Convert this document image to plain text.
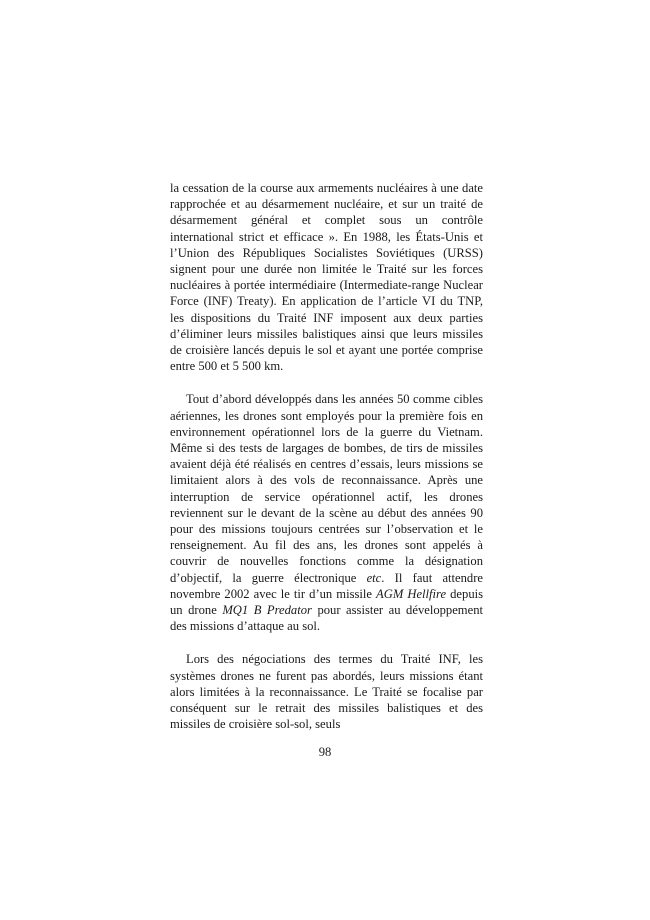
la cessation de la course aux armements nucléaires à une date rapprochée et au désarmement nucléaire, et sur un traité de désarmement général et complet sous un contrôle international strict et efficace ». En 1988, les États-Unis et l’Union des Républiques Socialistes Soviétiques (URSS) signent pour une durée non limitée le Traité sur les forces nucléaires à portée intermédiaire (Intermediate-range Nuclear Force (INF) Treaty). En application de l’article VI du TNP, les dispositions du Traité INF imposent aux deux parties d’éliminer leurs missiles balistiques ainsi que leurs missiles de croisière lancés depuis le sol et ayant une portée comprise entre 500 et 5 500 km.

Tout d’abord développés dans les années 50 comme cibles aériennes, les drones sont employés pour la première fois en environnement opérationnel lors de la guerre du Vietnam. Même si des tests de largages de bombes, de tirs de missiles avaient déjà été réalisés en centres d’essais, leurs missions se limitaient alors à des vols de reconnaissance. Après une interruption de service opérationnel actif, les drones reviennent sur le devant de la scène au début des années 90 pour des missions toujours centrées sur l’observation et le renseignement. Au fil des ans, les drones sont appelés à couvrir de nouvelles fonctions comme la désignation d’objectif, la guerre électronique etc. Il faut attendre novembre 2002 avec le tir d’un missile AGM Hellfire depuis un drone MQ1 B Predator pour assister au développement des missions d’attaque au sol.

Lors des négociations des termes du Traité INF, les systèmes drones ne furent pas abordés, leurs missions étant alors limitées à la reconnaissance. Le Traité se focalise par conséquent sur le retrait des missiles balistiques et des missiles de croisière sol-sol, seuls

98
